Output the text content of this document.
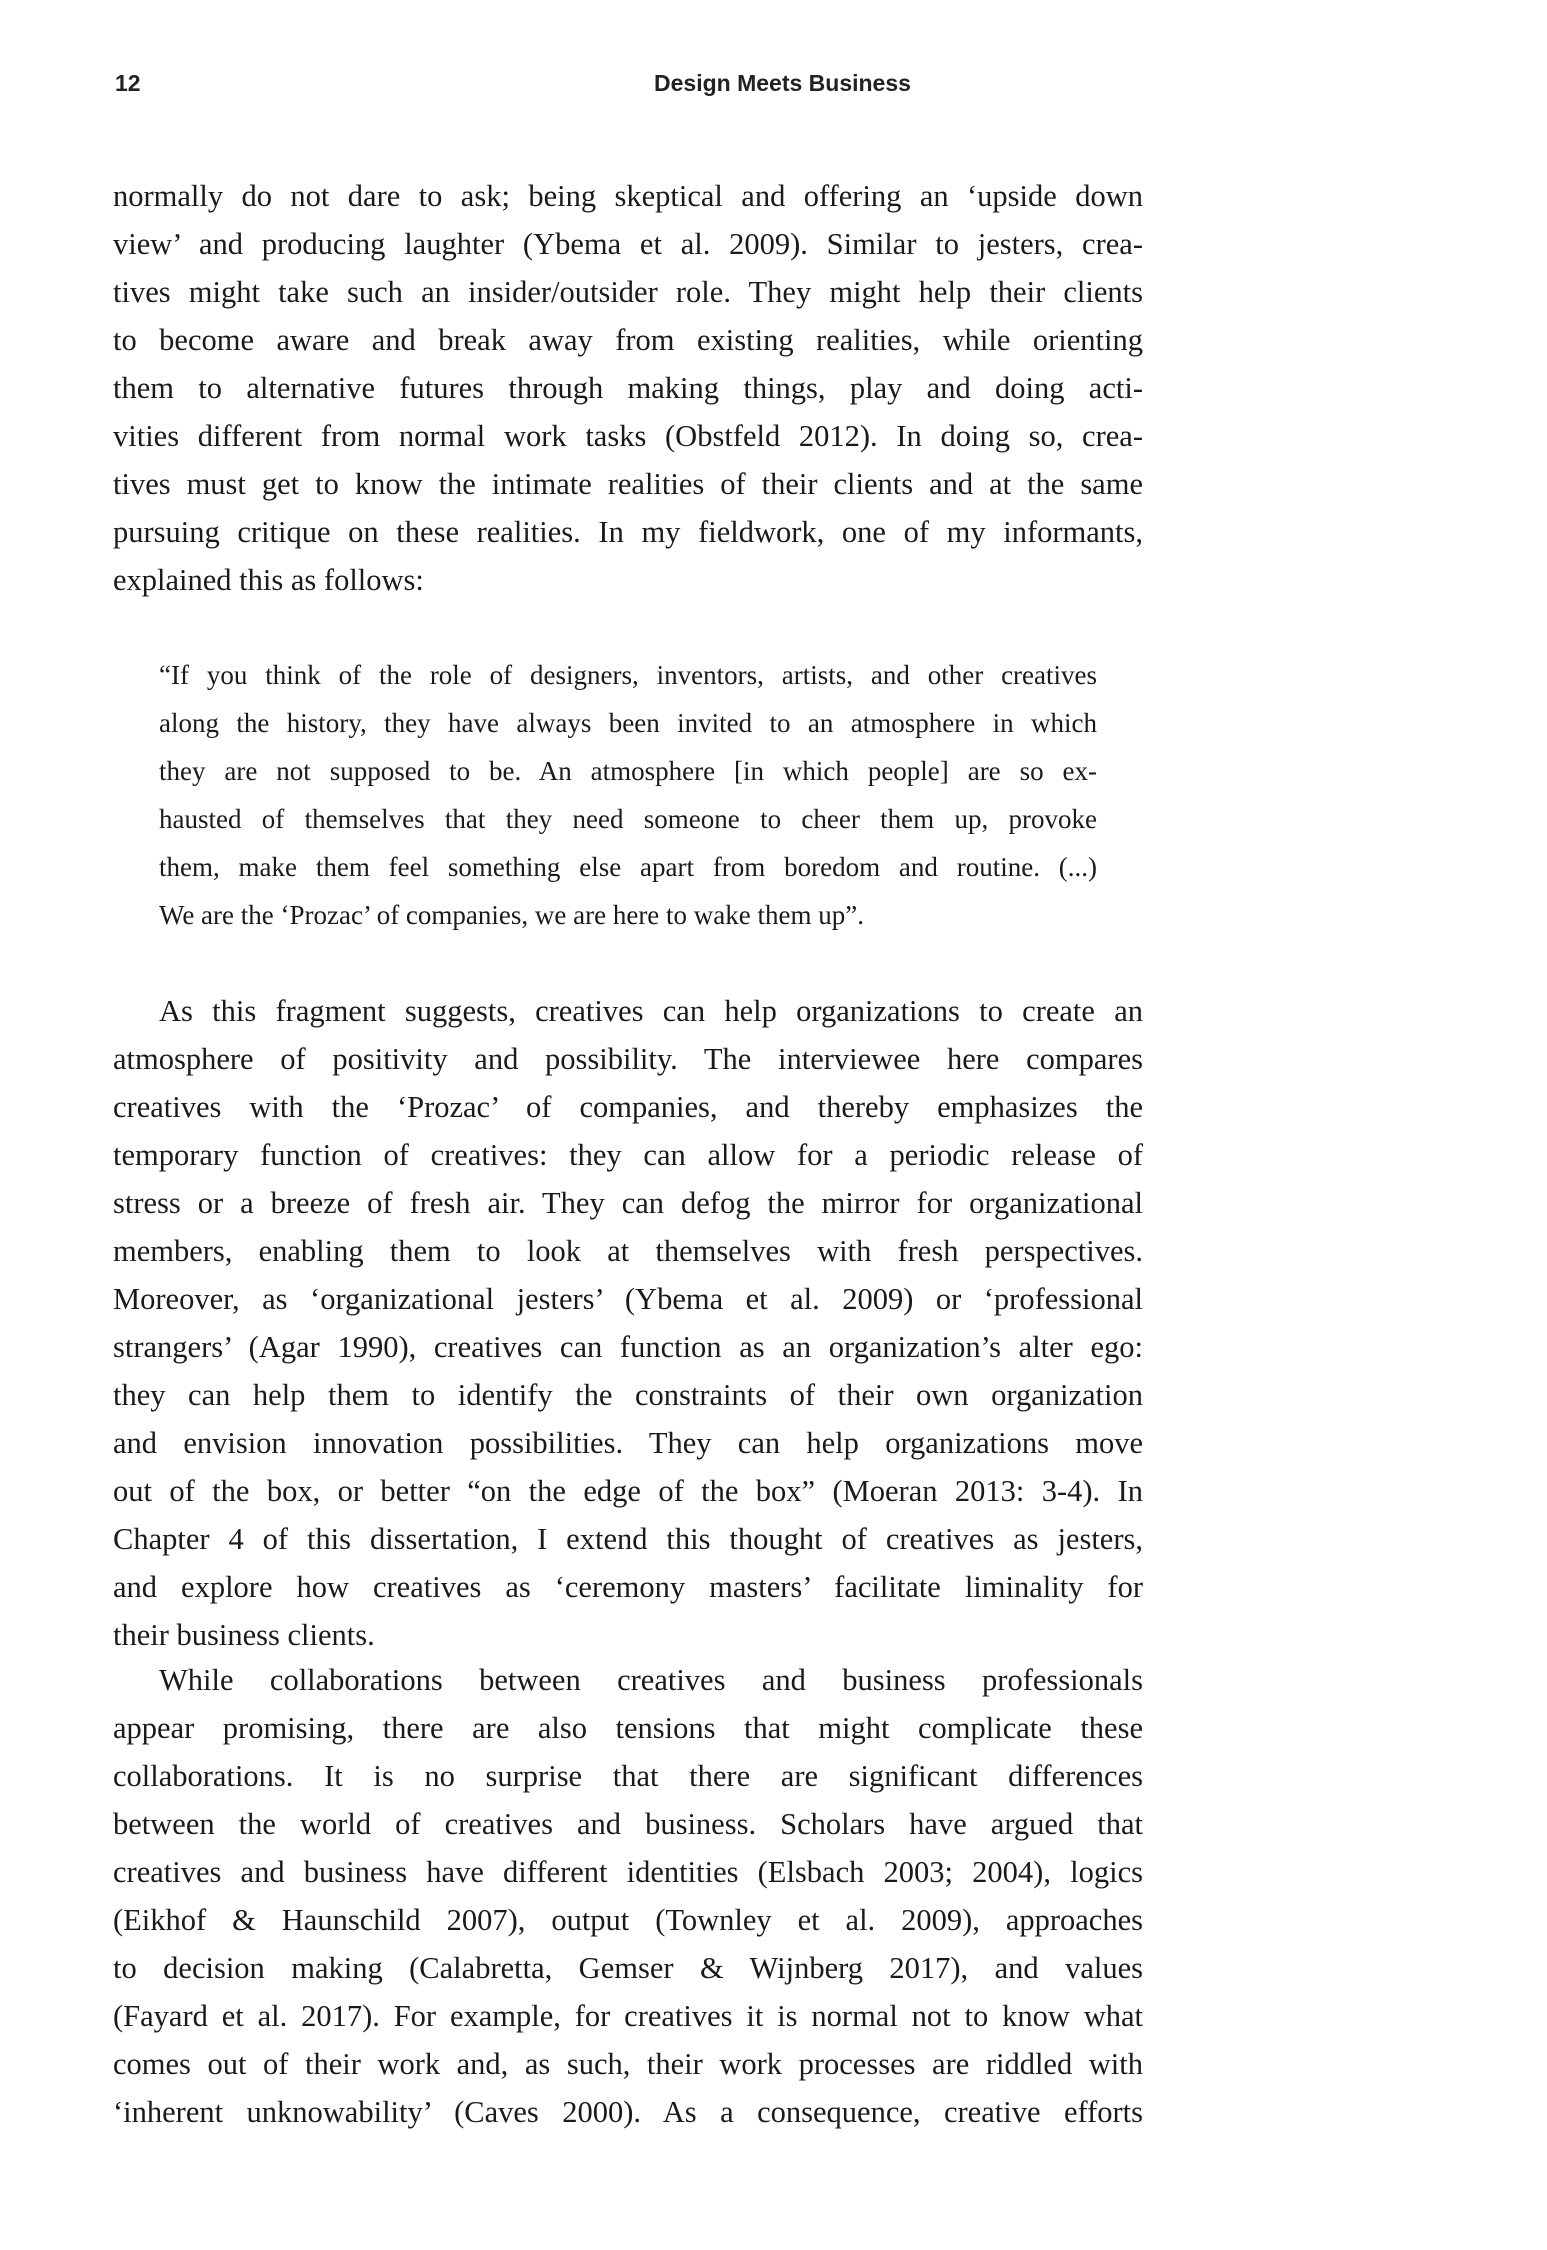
12	Design Meets Business
normally do not dare to ask; being skeptical and offering an ‘upside down
view’ and producing laughter (Ybema et al. 2009). Similar to jesters, crea-
tives might take such an insider/outsider role. They might help their clients
to become aware and break away from existing realities, while orienting
them to alternative futures through making things, play and doing acti-
vities different from normal work tasks (Obstfeld 2012). In doing so, crea-
tives must get to know the intimate realities of their clients and at the same
pursuing critique on these realities. In my fieldwork, one of my informants,
explained this as follows:
“If you think of the role of designers, inventors, artists, and other creatives
along the history, they have always been invited to an atmosphere in which
they are not supposed to be. An atmosphere [in which people] are so ex-
hausted of themselves that they need someone to cheer them up, provoke
them, make them feel something else apart from boredom and routine. (...)
We are the ‘Prozac’ of companies, we are here to wake them up”.
As this fragment suggests, creatives can help organizations to create an
atmosphere of positivity and possibility. The interviewee here compares
creatives with the ‘Prozac’ of companies, and thereby emphasizes the
temporary function of creatives: they can allow for a periodic release of
stress or a breeze of fresh air. They can defog the mirror for organizational
members, enabling them to look at themselves with fresh perspectives.
Moreover, as ‘organizational jesters’ (Ybema et al. 2009) or ‘professional
strangers’ (Agar 1990), creatives can function as an organization’s alter ego:
they can help them to identify the constraints of their own organization
and envision innovation possibilities. They can help organizations move
out of the box, or better “on the edge of the box” (Moeran 2013: 3-4). In
Chapter 4 of this dissertation, I extend this thought of creatives as jesters,
and explore how creatives as ‘ceremony masters’ facilitate liminality for
their business clients.
While collaborations between creatives and business professionals
appear promising, there are also tensions that might complicate these
collaborations. It is no surprise that there are significant differences
between the world of creatives and business. Scholars have argued that
creatives and business have different identities (Elsbach 2003; 2004), logics
(Eikhof & Haunschild 2007), output (Townley et al. 2009), approaches
to decision making (Calabretta, Gemser & Wijnberg 2017), and values
(Fayard et al. 2017). For example, for creatives it is normal not to know what
comes out of their work and, as such, their work processes are riddled with
‘inherent unknowability’ (Caves 2000). As a consequence, creative efforts
